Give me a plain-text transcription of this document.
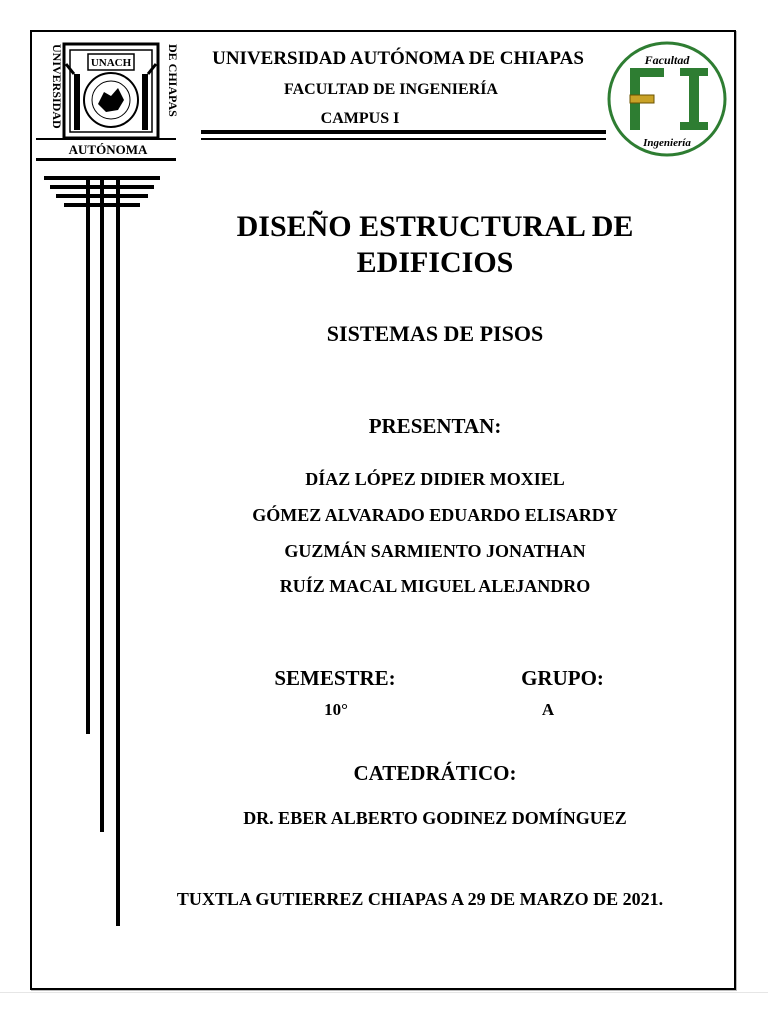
UNIVERSIDAD	DE CHIAPAS
UNACH
AUTÓNOMA
UNIVERSIDAD AUTÓNOMA DE CHIAPAS
FACULTAD DE INGENIERÍA
CAMPUS I
Facultad
Ingeniería
DISEÑO ESTRUCTURAL DE
EDIFICIOS
SISTEMAS DE PISOS
PRESENTAN:
DÍAZ LÓPEZ DIDIER MOXIEL
GÓMEZ ALVARADO EDUARDO ELISARDY
GUZMÁN SARMIENTO JONATHAN
RUÍZ MACAL MIGUEL ALEJANDRO
SEMESTRE:
10°
GRUPO:
A
CATEDRÁTICO:
DR. EBER ALBERTO GODINEZ DOMÍNGUEZ
TUXTLA GUTIERREZ CHIAPAS A 29 DE MARZO DE 2021.
